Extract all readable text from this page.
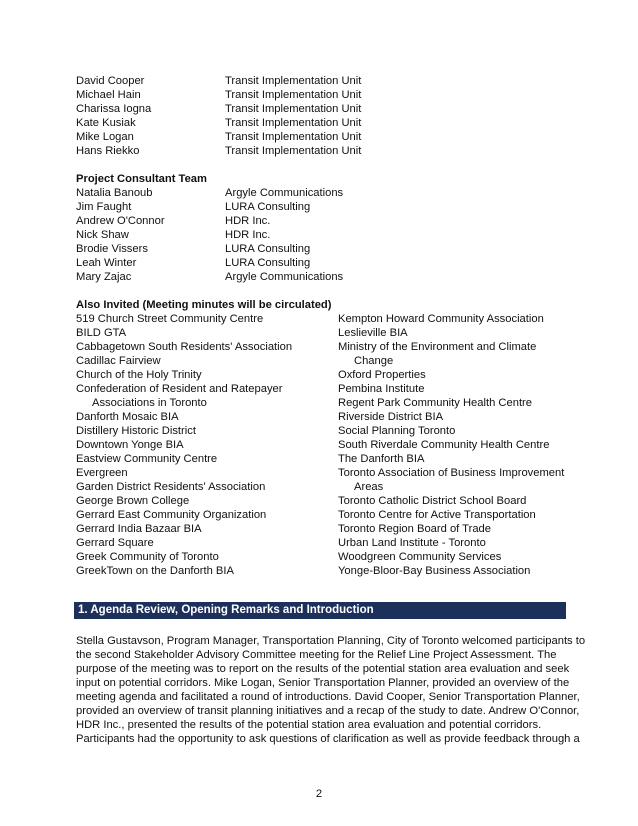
David Cooper
Michael Hain
Charissa Iogna
Kate Kusiak
Mike Logan
Hans Riekko
Transit Implementation Unit
Transit Implementation Unit
Transit Implementation Unit
Transit Implementation Unit
Transit Implementation Unit
Transit Implementation Unit
Project Consultant Team
Natalia Banoub
Jim Faught
Andrew O'Connor
Nick Shaw
Brodie Vissers
Leah Winter
Mary Zajac
Argyle Communications
LURA Consulting
HDR Inc.
HDR Inc.
LURA Consulting
LURA Consulting
Argyle Communications
Also Invited (Meeting minutes will be circulated)
519 Church Street Community Centre
BILD GTA
Cabbagetown South Residents' Association
Cadillac Fairview
Church of the Holy Trinity
Confederation of Resident and Ratepayer
Associations in Toronto
Danforth Mosaic BIA
Distillery Historic District
Downtown Yonge BIA
Eastview Community Centre
Evergreen
Garden District Residents' Association
George Brown College
Gerrard East Community Organization
Gerrard India Bazaar BIA
Gerrard Square
Greek Community of Toronto
GreekTown on the Danforth BIA
Kempton Howard Community Association
Leslieville BIA
Ministry of the Environment and Climate
Change
Oxford Properties
Pembina Institute
Regent Park Community Health Centre
Riverside District BIA
Social Planning Toronto
South Riverdale Community Health Centre
The Danforth BIA
Toronto Association of Business Improvement
Areas
Toronto Catholic District School Board
Toronto Centre for Active Transportation
Toronto Region Board of Trade
Urban Land Institute - Toronto
Woodgreen Community Services
Yonge-Bloor-Bay Business Association
1. Agenda Review, Opening Remarks and Introduction
Stella Gustavson, Program Manager, Transportation Planning, City of Toronto welcomed participants to
the second Stakeholder Advisory Committee meeting for the Relief Line Project Assessment. The
purpose of the meeting was to report on the results of the potential station area evaluation and seek
input on potential corridors. Mike Logan, Senior Transportation Planner, provided an overview of the
meeting agenda and facilitated a round of introductions. David Cooper, Senior Transportation Planner,
provided an overview of transit planning initiatives and a recap of the study to date. Andrew O'Connor,
HDR Inc., presented the results of the potential station area evaluation and potential corridors.
Participants had the opportunity to ask questions of clarification as well as provide feedback through a
2
